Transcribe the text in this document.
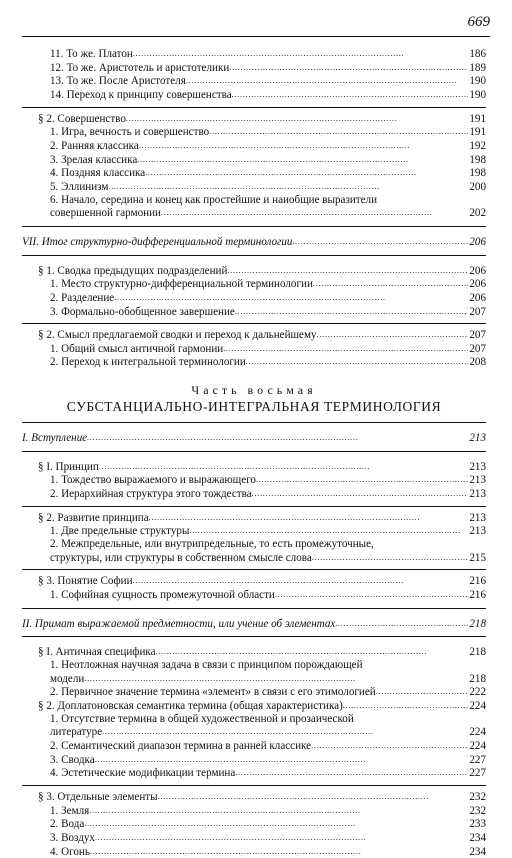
669
11. То же. Платон . . .	186
12. То же. Аристотель и аристотелики . . .	189
13. То же. После Аристотеля . . .	190
14. Переход к принципу совершенства . . .	190
§ 2. Совершенство . . .	191
1. Игра, вечность и совершенство . . .	191
2. Ранняя классика . . .	192
3. Зрелая классика . . .	198
4. Поздняя классика . . .	198
5. Эллинизм . . .	200
6. Начало, середина и конец как простейшие и наиобщие выразители
совершенной гармонии . . .	202
VII. Итог структурно-дифференциальной терминологии . . .	206
§ 1. Сводка предыдущих подразделений . . .	206
1. Место структурно-дифференциальной терминологии . . .	206
2. Разделение . . .	206
3. Формально-обобщенное завершение . . .	207
§ 2. Смысл предлагаемой сводки и переход к дальнейшему . . .	207
1. Общий смысл античной гармонии . . .	207
2. Переход к интегральной терминологии . . .	208
Часть восьмая
СУБСТАНЦИАЛЬНО-ИНТЕГРАЛЬНАЯ ТЕРМИНОЛОГИЯ
I. Вступление . . .	213
§ I. Принцип . . .	213
1. Тождество выражаемого и выражающего . . .	213
2. Иерархийная структура этого тождества . . .	213
§ 2. Развитие принципа . . .	213
1. Две предельные структуры . . .	213
2. Межпредельные, или внутрипредельные, то есть промежуточные,
структуры, или структуры в собственном смысле слова . . .	215
§ 3. Понятие Софии . . .	216
1. Софийная сущность промежуточной области . . .	216
II. Примат выражаемой предметности, или учение об элементах . . .	218
§ I. Античная специфика . . .	218
1. Неотложная научная задача в связи с принципом порождающей
модели . . .	218
2. Первичное значение термина «элемент» в связи с его этимологией . . .	222
§ 2. Доплатоновская семантика термина (общая характеристика) . . .	224
1. Отсутствие термина в общей художественной и прозаической
литературе . . .	224
2. Семантический диапазон термина в ранней классике . . .	224
3. Сводка . . .	227
4. Эстетические модификации термина . . .	227
§ 3. Отдельные элементы . . .	232
1. Земля . . .	232
2. Вода . . .	233
3. Воздух . . .	234
4. Огонь . . .	234
